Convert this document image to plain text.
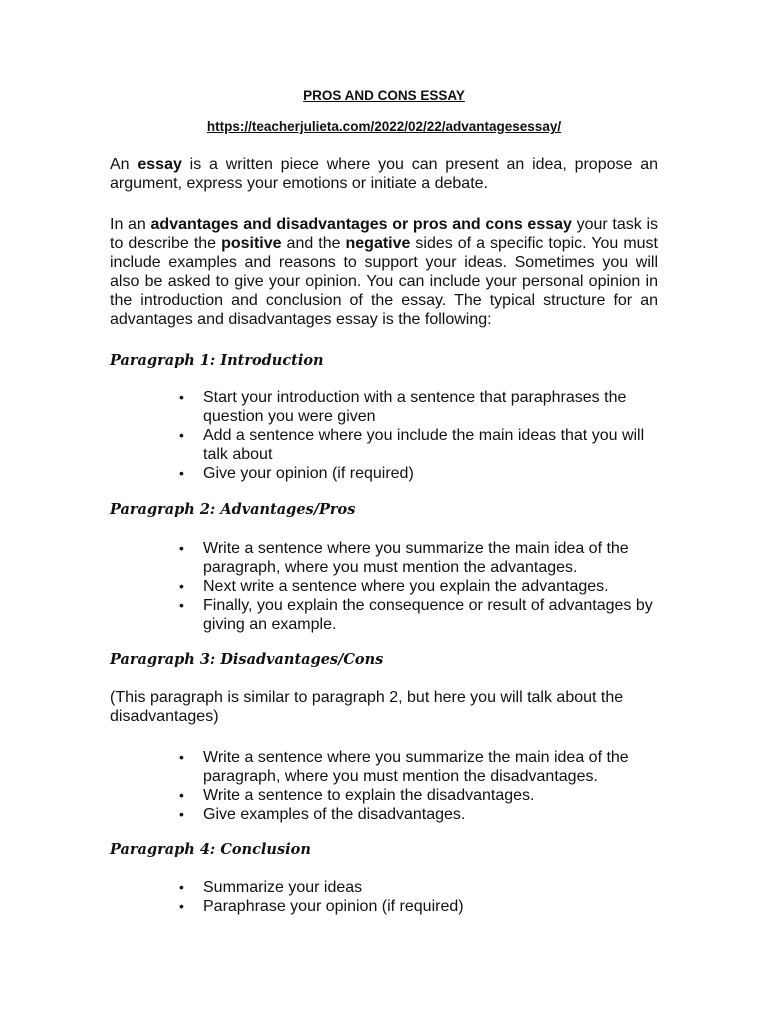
PROS AND CONS ESSAY
https://teacherjulieta.com/2022/02/22/advantagesessay/

An essay is a written piece where you can present an idea, propose an argument, express your emotions or initiate a debate.

In an advantages and disadvantages or pros and cons essay your task is to describe the positive and the negative sides of a specific topic. You must include examples and reasons to support your ideas. Sometimes you will also be asked to give your opinion. You can include your personal opinion in the introduction and conclusion of the essay. The typical structure for an advantages and disadvantages essay is the following:

Paragraph 1: Introduction
• Start your introduction with a sentence that paraphrases the question you were given
• Add a sentence where you include the main ideas that you will talk about
• Give your opinion (if required)
Paragraph 2: Advantages/Pros
• Write a sentence where you summarize the main idea of the paragraph, where you must mention the advantages.
• Next write a sentence where you explain the advantages.
• Finally, you explain the consequence or result of advantages by giving an example.
Paragraph 3: Disadvantages/Cons
(This paragraph is similar to paragraph 2, but here you will talk about the disadvantages)
• Write a sentence where you summarize the main idea of the paragraph, where you must mention the disadvantages.
• Write a sentence to explain the disadvantages.
• Give examples of the disadvantages.
Paragraph 4: Conclusion
• Summarize your ideas
• Paraphrase your opinion (if required)
